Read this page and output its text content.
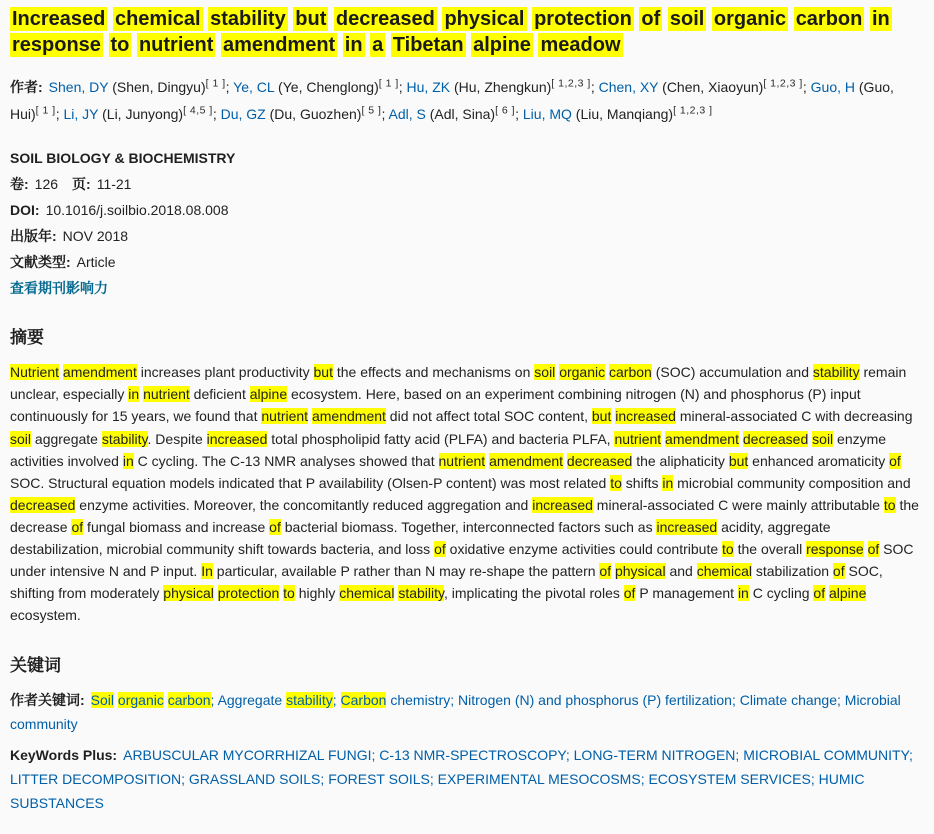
Increased chemical stability but decreased physical protection of soil organic carbon in response to nutrient amendment in a Tibetan alpine meadow

作者: Shen, DY (Shen, Dingyu)[ 1 ]; Ye, CL (Ye, Chenglong)[ 1 ]; Hu, ZK (Hu, Zhengkun)[ 1,2,3 ]; Chen, XY (Chen, Xiaoyun)[ 1,2,3 ]; Guo, H (Guo, Hui)[ 1 ]; Li, JY (Li, Junyong)[ 4,5 ]; Du, GZ (Du, Guozhen)[ 5 ]; Adl, S (Adl, Sina)[ 6 ]; Liu, MQ (Liu, Manqiang)[ 1,2,3 ]

SOIL BIOLOGY & BIOCHEMISTRY

卷: 126 页: 11-21

DOI: 10.1016/j.soilbio.2018.08.008

出版年: NOV 2018

文献类型: Article

查看期刊影响力

摘要

Nutrient amendment increases plant productivity but the effects and mechanisms on soil organic carbon (SOC) accumulation and stability remain unclear, especially in nutrient deficient alpine ecosystem. Here, based on an experiment combining nitrogen (N) and phosphorus (P) input continuously for 15 years, we found that nutrient amendment did not affect total SOC content, but increased mineral-associated C with decreasing soil aggregate stability. Despite increased total phospholipid fatty acid (PLFA) and bacteria PLFA, nutrient amendment decreased soil enzyme activities involved in C cycling. The C-13 NMR analyses showed that nutrient amendment decreased the aliphaticity but enhanced aromaticity of SOC. Structural equation models indicated that P availability (Olsen-P content) was most related to shifts in microbial community composition and decreased enzyme activities. Moreover, the concomitantly reduced aggregation and increased mineral-associated C were mainly attributable to the decrease of fungal biomass and increase of bacterial biomass. Together, interconnected factors such as increased acidity, aggregate destabilization, microbial community shift towards bacteria, and loss of oxidative enzyme activities could contribute to the overall response of SOC under intensive N and P input. In particular, available P rather than N may re-shape the pattern of physical and chemical stabilization of SOC, shifting from moderately physical protection to highly chemical stability, implicating the pivotal roles of P management in C cycling of alpine ecosystem.

关键词

作者关键词: Soil organic carbon; Aggregate stability; Carbon chemistry; Nitrogen (N) and phosphorus (P) fertilization; Climate change; Microbial community

KeyWords Plus: ARBUSCULAR MYCORRHIZAL FUNGI; C-13 NMR-SPECTROSCOPY; LONG-TERM NITROGEN; MICROBIAL COMMUNITY; LITTER DECOMPOSITION; GRASSLAND SOILS; FOREST SOILS; EXPERIMENTAL MESOCOSMS; ECOSYSTEM SERVICES; HUMIC SUBSTANCES
